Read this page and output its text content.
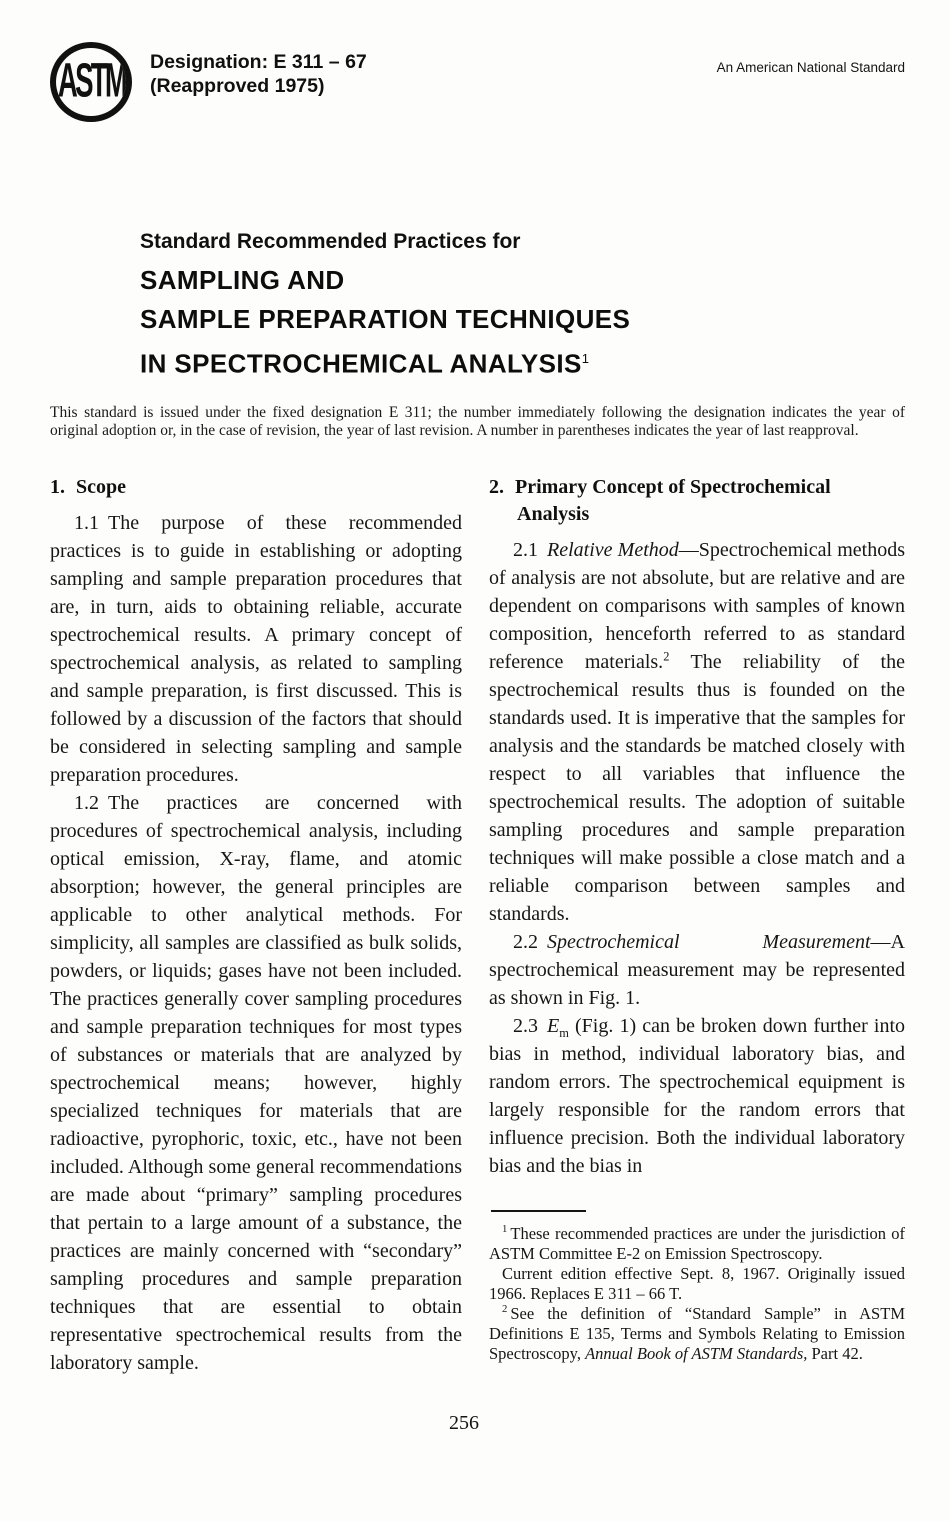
ASTM Designation: E 311 – 67
(Reapproved 1975)
An American National Standard

Standard Recommended Practices for

SAMPLING AND
SAMPLE PREPARATION TECHNIQUES
IN SPECTROCHEMICAL ANALYSIS$^1$

This standard is issued under the fixed designation E 311; the number immediately following the designation indicates the year of original adoption or, in the case of revision, the year of last revision. A number in parentheses indicates the year of last reapproval.

1. Scope

1.1 The purpose of these recommended practices is to guide in establishing or adopting sampling and sample preparation procedures that are, in turn, aids to obtaining reliable, accurate spectrochemical results. A primary concept of spectrochemical analysis, as related to sampling and sample preparation, is first discussed. This is followed by a discussion of the factors that should be considered in selecting sampling and sample preparation procedures.

1.2 The practices are concerned with procedures of spectrochemical analysis, including optical emission, X-ray, flame, and atomic absorption; however, the general principles are applicable to other analytical methods. For simplicity, all samples are classified as bulk solids, powders, or liquids; gases have not been included. The practices generally cover sampling procedures and sample preparation techniques for most types of substances or materials that are analyzed by spectrochemical means; however, highly specialized techniques for materials that are radioactive, pyrophoric, toxic, etc., have not been included. Although some general recommendations are made about “primary” sampling procedures that pertain to a large amount of a substance, the practices are mainly concerned with “secondary” sampling procedures and sample preparation techniques that are essential to obtain representative spectrochemical results from the laboratory sample.

2. Primary Concept of Spectrochemical Analysis

2.1 Relative Method—Spectrochemical methods of analysis are not absolute, but are relative and are dependent on comparisons with samples of known composition, henceforth referred to as standard reference materials.$^2$ The reliability of the spectrochemical results thus is founded on the standards used. It is imperative that the samples for analysis and the standards be matched closely with respect to all variables that influence the spectrochemical results. The adoption of suitable sampling procedures and sample preparation techniques will make possible a close match and a reliable comparison between samples and standards.

2.2 Spectrochemical Measurement—A spectrochemical measurement may be represented as shown in Fig. 1.

2.3 $E_m$ (Fig. 1) can be broken down further into bias in method, individual laboratory bias, and random errors. The spectrochemical equipment is largely responsible for the random errors that influence precision. Both the individual laboratory bias and the bias in

$^1$ These recommended practices are under the jurisdiction of ASTM Committee E-2 on Emission Spectroscopy.

Current edition effective Sept. 8, 1967. Originally issued 1966. Replaces E 311 – 66 T.

$^2$ See the definition of “Standard Sample” in ASTM Definitions E 135, Terms and Symbols Relating to Emission Spectroscopy, Annual Book of ASTM Standards, Part 42.

256
